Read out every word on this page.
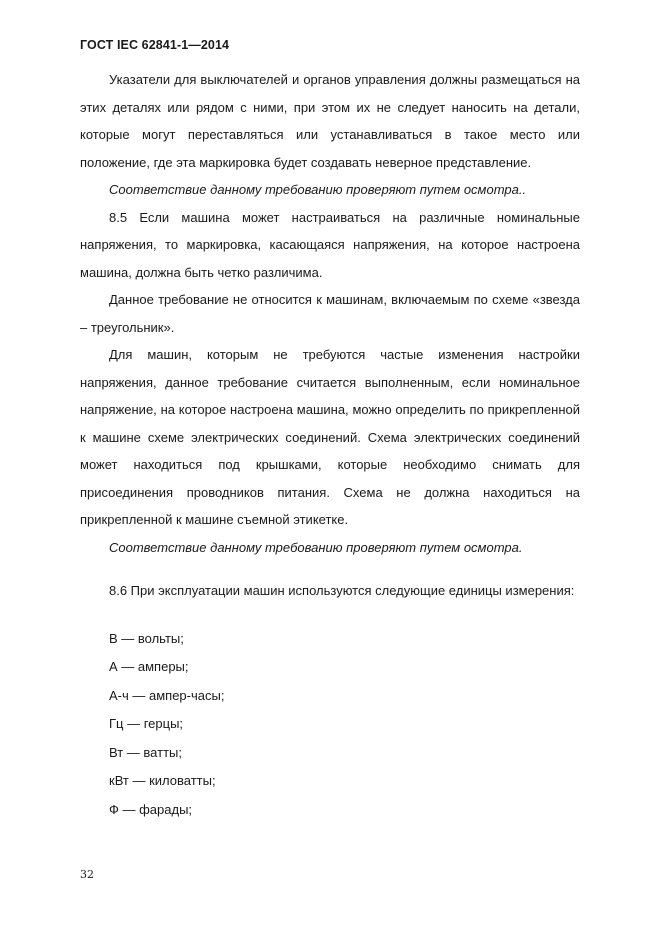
ГОСТ IEC 62841-1—2014

Указатели для выключателей и органов управления должны размещаться на этих деталях или рядом с ними, при этом их не следует наносить на детали, которые могут переставляться или устанавливаться в такое место или положение, где эта маркировка будет создавать неверное представление.

Соответствие данному требованию проверяют путем осмотра..

8.5 Если машина может настраиваться на различные номинальные напряжения, то маркировка, касающаяся напряжения, на которое настроена машина, должна быть четко различима.

Данное требование не относится к машинам, включаемым по схеме «звезда – треугольник».

Для машин, которым не требуются частые изменения настройки напряжения, данное требование считается выполненным, если номинальное напряжение, на которое настроена машина, можно определить по прикрепленной к машине схеме электрических соединений. Схема электрических соединений может находиться под крышками, которые необходимо снимать для присоединения проводников питания. Схема не должна находиться на прикрепленной к машине съемной этикетке.

Соответствие данному требованию проверяют путем осмотра.

8.6 При эксплуатации машин используются следующие единицы измерения:

В — вольты;
А — амперы;
А-ч — ампер-часы;
Гц — герцы;
Вт — ватты;
кВт — киловатты;
Ф — фарады;
32
